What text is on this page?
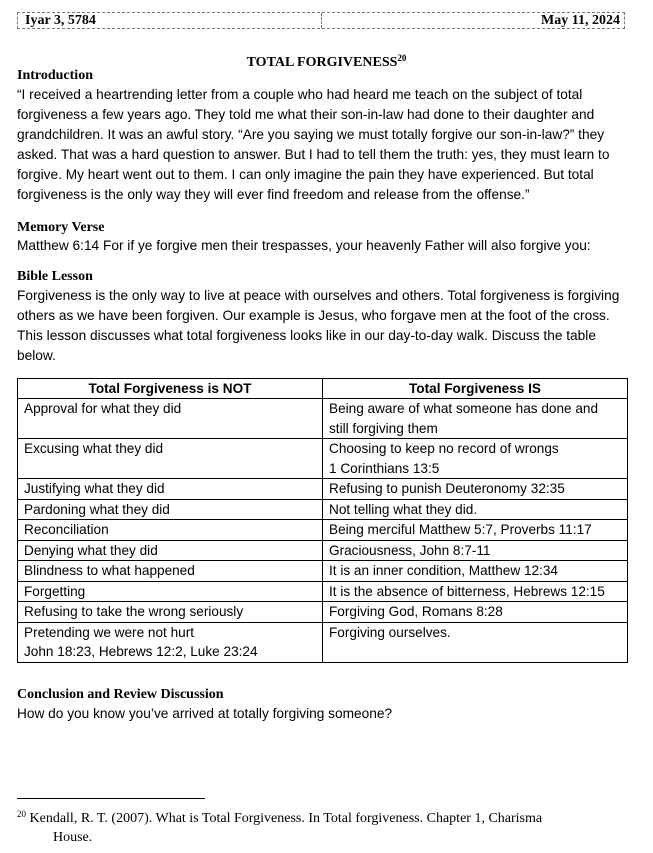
Iyar 3, 5784	May 11, 2024
TOTAL FORGIVENESS$^{20}$
Introduction

“I received a heartrending letter from a couple who had heard me teach on the subject of total forgiveness a few years ago. They told me what their son-in-law had done to their daughter and grandchildren. It was an awful story. “Are you saying we must totally forgive our son-in-law?” they asked. That was a hard question to answer. But I had to tell them the truth: yes, they must learn to forgive. My heart went out to them. I can only imagine the pain they have experienced. But total forgiveness is the only way they will ever find freedom and release from the offense.”

Memory Verse

Matthew 6:14 For if ye forgive men their trespasses, your heavenly Father will also forgive you:

Bible Lesson

Forgiveness is the only way to live at peace with ourselves and others. Total forgiveness is forgiving others as we have been forgiven. Our example is Jesus, who forgave men at the foot of the cross. This lesson discusses what total forgiveness looks like in our day-to-day walk. Discuss the table below.

Total Forgiveness is NOT	Total Forgiveness IS
Approval for what they did	Being aware of what someone has done and still forgiving them
Excusing what they did	Choosing to keep no record of wrongs
1 Corinthians 13:5
Justifying what they did	Refusing to punish Deuteronomy 32:35
Pardoning what they did	Not telling what they did.
Reconciliation	Being merciful Matthew 5:7, Proverbs 11:17
Denying what they did	Graciousness, John 8:7-11
Blindness to what happened	It is an inner condition, Matthew 12:34
Forgetting	It is the absence of bitterness, Hebrews 12:15
Refusing to take the wrong seriously	Forgiving God, Romans 8:28
Pretending we were not hurt
John 18:23, Hebrews 12:2, Luke 23:24	Forgiving ourselves.
Conclusion and Review Discussion

How do you know you’ve arrived at totally forgiving someone?

$^{20}$ Kendall, R. T. (2007). What is Total Forgiveness. In Total forgiveness. Chapter 1, Charisma
House.
